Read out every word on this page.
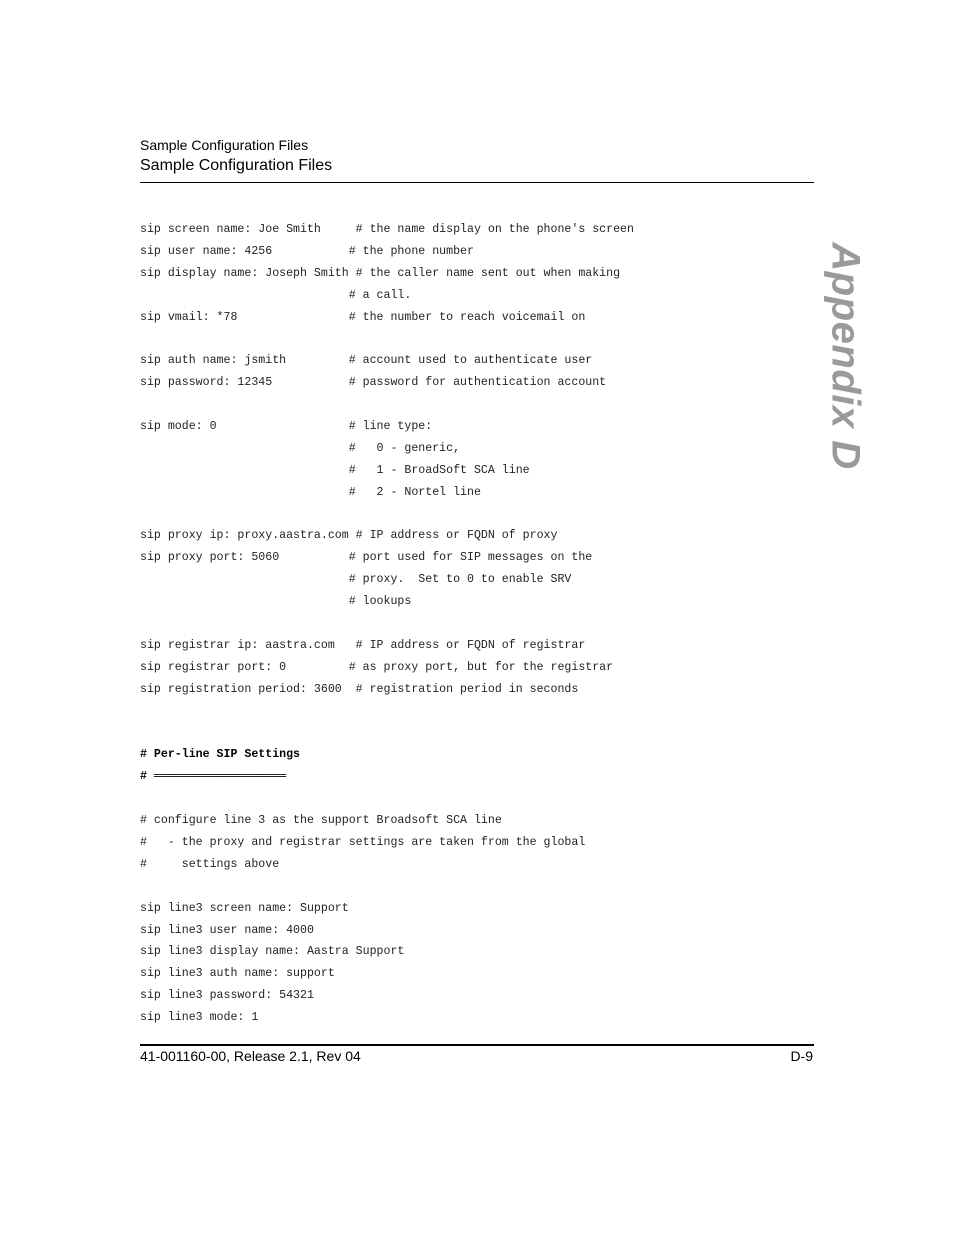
Sample Configuration Files
Sample Configuration Files
Appendix D
sip screen name: Joe Smith     # the name display on the phone's screen
sip user name: 4256           # the phone number
sip display name: Joseph Smith # the caller name sent out when making
# a call.
sip vmail: *78                # the number to reach voicemail on
sip auth name: jsmith         # account used to authenticate user
sip password: 12345           # password for authentication account
sip mode: 0                   # line type:
#   0 - generic,
#   1 - BroadSoft SCA line
#   2 - Nortel line
sip proxy ip: proxy.aastra.com # IP address or FQDN of proxy
sip proxy port: 5060          # port used for SIP messages on the
# proxy.  Set to 0 to enable SRV
# lookups
sip registrar ip: aastra.com   # IP address or FQDN of registrar
sip registrar port: 0         # as proxy port, but for the registrar
sip registration period: 3600  # registration period in seconds
# Per-line SIP Settings
# ═══════════════════
# configure line 3 as the support Broadsoft SCA line
#   - the proxy and registrar settings are taken from the global
#     settings above
sip line3 screen name: Support
sip line3 user name: 4000
sip line3 display name: Aastra Support
sip line3 auth name: support
sip line3 password: 54321
sip line3 mode: 1
41-001160-00, Release 2.1, Rev 04	D-9
